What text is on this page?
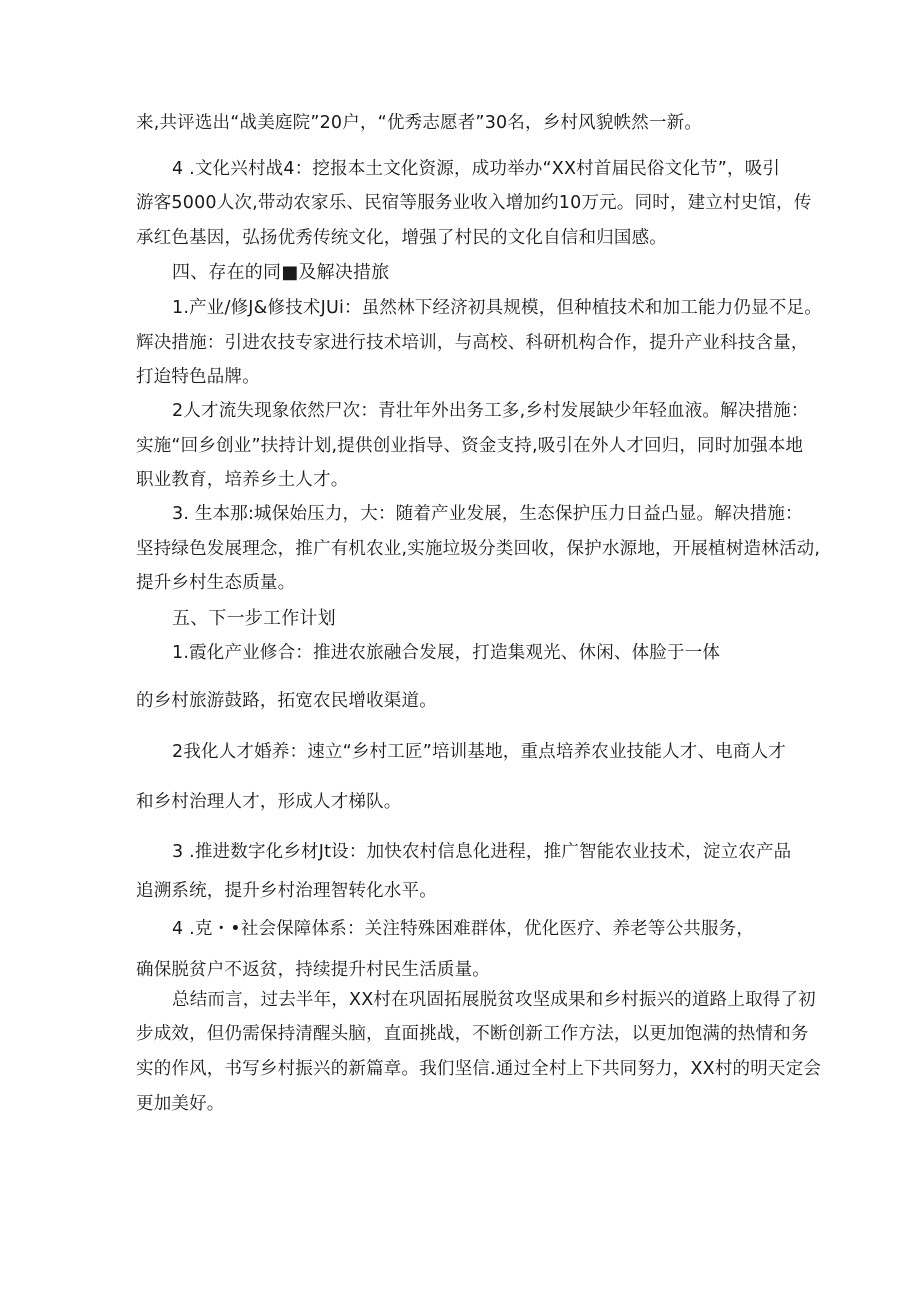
来,共评选出“战美庭院”20户，“优秀志愿者”30名，乡村风貌帙然一新。
4 .文化兴村战4：挖报本土文化资源，成功举办“XX村首届民俗文化节”，吸引
游客5000人次,带动农家乐、民宿等服务业收入增加约10万元。同时，建立村史馆，传
承红色基因，弘扬优秀传统文化，增强了村民的文化自信和归国感。
四、存在的同■及解决措旅
1.产业/修J&修技术JUi：虽然林下经济初具规模，但种植技术和加工能力仍显不足。
辉决措施：引进农技专家进行技术培训，与高校、科研机构合作，提升产业科技含量，
打迨特色品牌。
2人才流失现象依然尸次：青壮年外出务工多,乡村发展缺少年轻血液。解决措施：
实施“回乡创业”扶持计划,提供创业指导、资金支持,吸引在外人才回归，同时加强本地
职业教育，培养乡土人才。
3. 生本那:城保始压力，大：随着产业发展，生态保护压力日益凸显。解决措施：
坚持绿色发展理念，推广有机农业,实施垃圾分类回收，保护水源地，开展植树造林活动,
提升乡村生态质量。
五、下一步工作计划
1.霞化产业修合：推进农旅融合发展，打造集观光、休闲、体脸于一体
的乡村旅游鼓路，拓宽农民增收渠道。
2我化人才婚养：速立“乡村工匠”培训基地，重点培养农业技能人才、电商人才
和乡村治理人才，形成人才梯队。
3 .推进数字化乡材Jt设：加快农村信息化进程，推广智能农业技术，淀立农产品
追溯系统，提升乡村治理智转化水平。
4 .克・•社会保障体系：关注特殊困难群体，优化医疗、养老等公共服务，
确保脱贫户不返贫，持续提升村民生活质量。
总结而言，过去半年，XX村在巩固拓展脱贫攻坚成果和乡村振兴的道路上取得了初
步成效，但仍需保持清醒头脑，直面挑战，不断创新工作方法，以更加饱满的热情和务
实的作风，书写乡村振兴的新篇章。我们坚信.通过全村上下共同努力，XX村的明天定会
更加美好。
